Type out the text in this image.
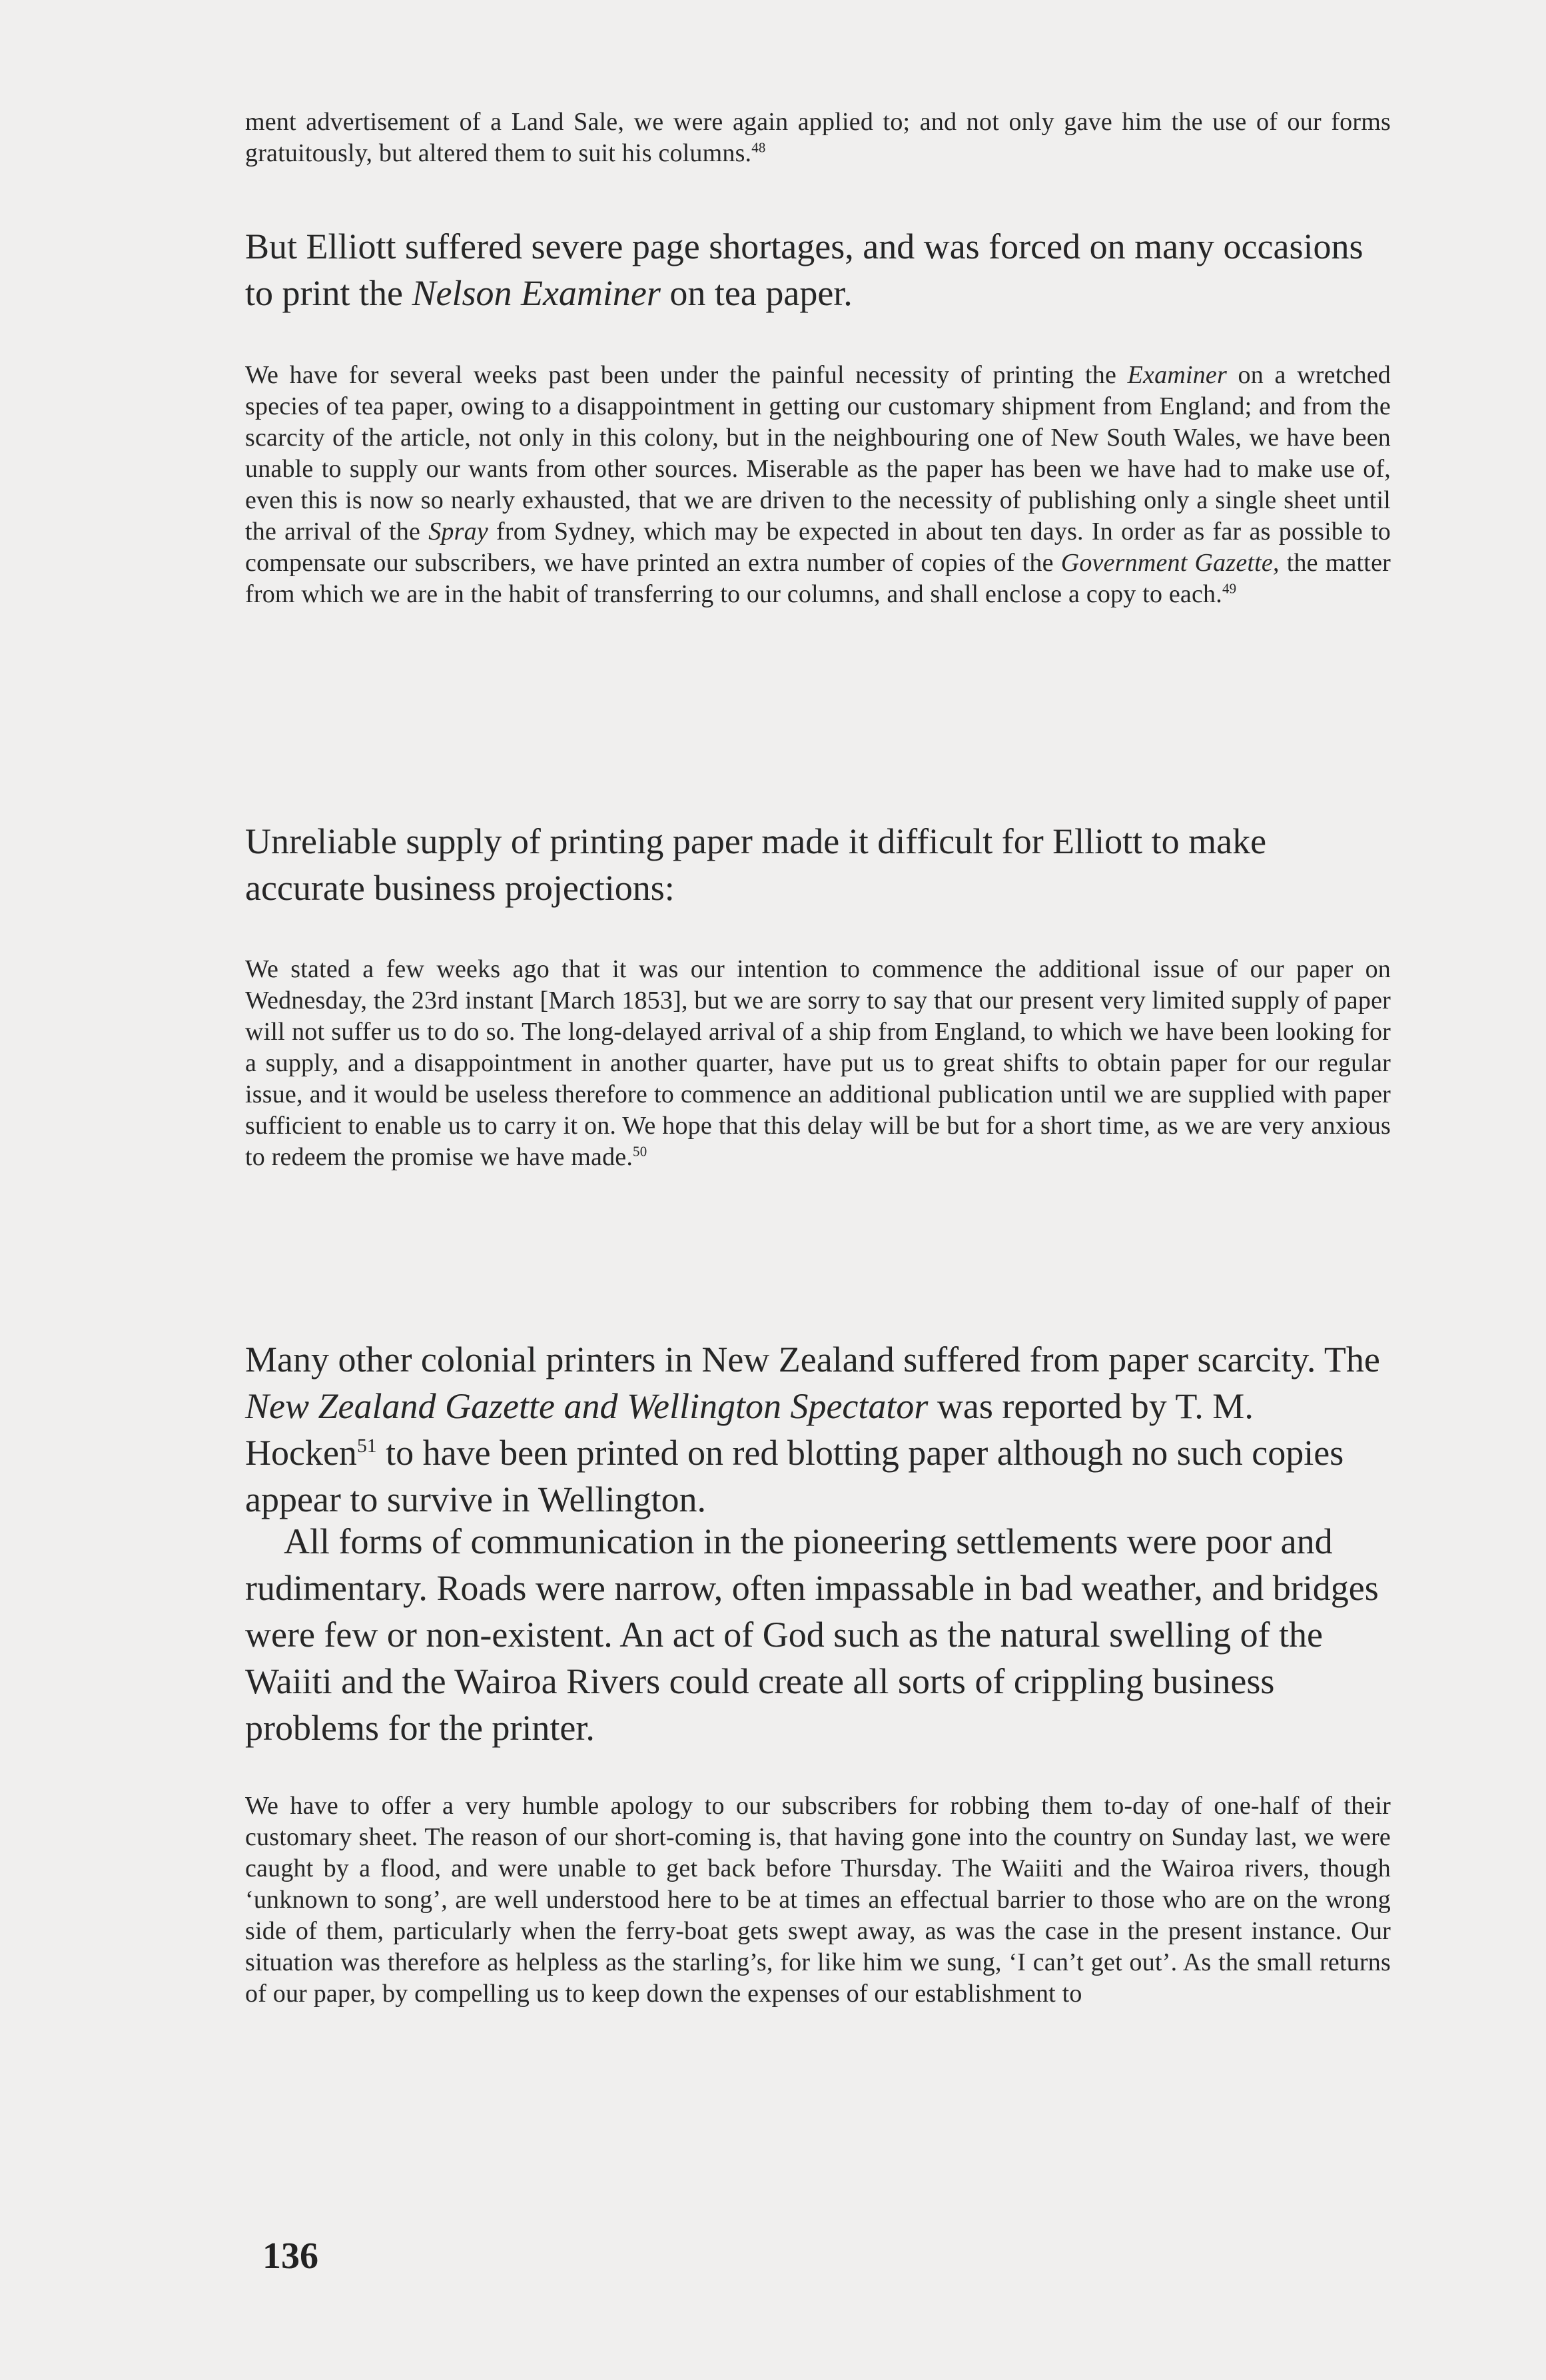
ment advertisement of a Land Sale, we were again applied to; and not only gave him the use of our forms gratuitously, but altered them to suit his columns.$^{48}$

But Elliott suffered severe page shortages, and was forced on many occasions to print the Nelson Examiner on tea paper.

We have for several weeks past been under the painful necessity of printing the Examiner on a wretched species of tea paper, owing to a disappointment in getting our customary shipment from England; and from the scarcity of the article, not only in this colony, but in the neighbouring one of New South Wales, we have been unable to supply our wants from other sources. Miserable as the paper has been we have had to make use of, even this is now so nearly exhausted, that we are driven to the necessity of publishing only a single sheet until the arrival of the Spray from Sydney, which may be expected in about ten days. In order as far as possible to compensate our subscribers, we have printed an extra number of copies of the Government Gazette, the matter from which we are in the habit of transferring to our columns, and shall enclose a copy to each.$^{49}$

Unreliable supply of printing paper made it difficult for Elliott to make accurate business projections:

We stated a few weeks ago that it was our intention to commence the additional issue of our paper on Wednesday, the 23rd instant [March 1853], but we are sorry to say that our present very limited supply of paper will not suffer us to do so. The long-delayed arrival of a ship from England, to which we have been looking for a supply, and a disappointment in another quarter, have put us to great shifts to obtain paper for our regular issue, and it would be useless therefore to commence an additional publication until we are supplied with paper sufficient to enable us to carry it on. We hope that this delay will be but for a short time, as we are very anxious to redeem the promise we have made.$^{50}$

Many other colonial printers in New Zealand suffered from paper scarcity. The New Zealand Gazette and Wellington Spectator was reported by T. M. Hocken$^{51}$ to have been printed on red blotting paper although no such copies appear to survive in Wellington.

All forms of communication in the pioneering settlements were poor and rudimentary. Roads were narrow, often impassable in bad weather, and bridges were few or non-existent. An act of God such as the natural swelling of the Waiiti and the Wairoa Rivers could create all sorts of crippling business problems for the printer.

We have to offer a very humble apology to our subscribers for robbing them to-day of one-half of their customary sheet. The reason of our short-coming is, that having gone into the country on Sunday last, we were caught by a flood, and were unable to get back before Thursday. The Waiiti and the Wairoa rivers, though ‘unknown to song’, are well understood here to be at times an effectual barrier to those who are on the wrong side of them, particularly when the ferry-boat gets swept away, as was the case in the present instance. Our situation was therefore as helpless as the starling’s, for like him we sung, ‘I can’t get out’. As the small returns of our paper, by compelling us to keep down the expenses of our establishment to

136
